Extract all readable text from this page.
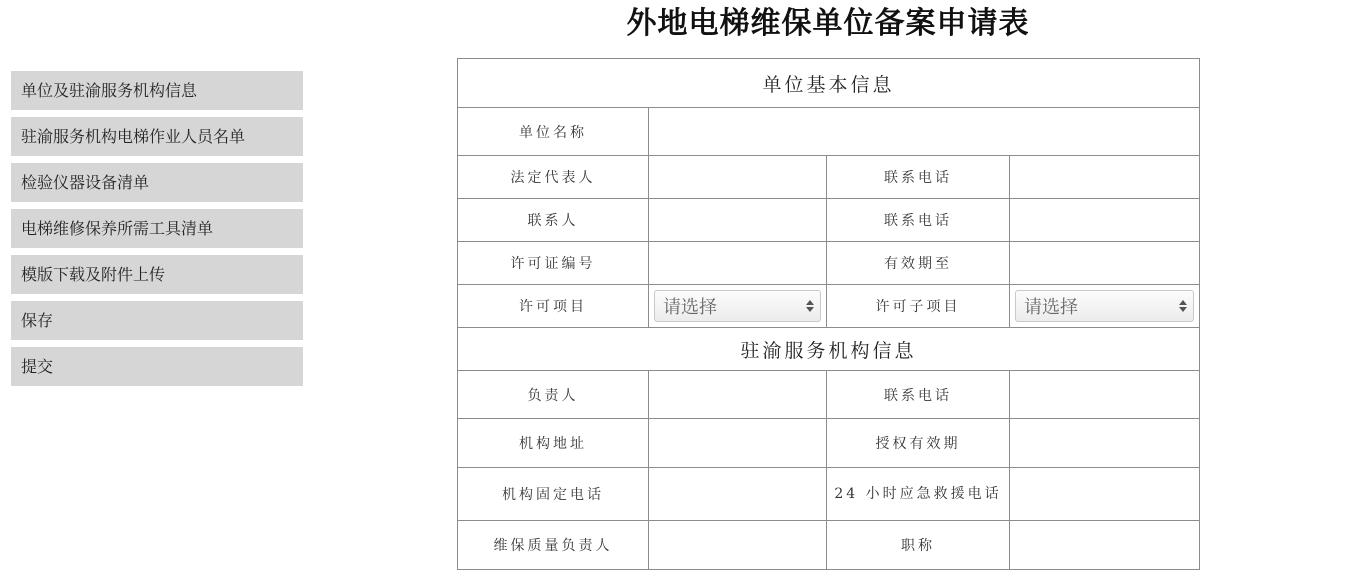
外地电梯维保单位备案申请表
单位及驻渝服务机构信息
驻渝服务机构电梯作业人员名单
检验仪器设备清单
电梯维修保养所需工具清单
模版下载及附件上传
保存
提交
单位基本信息			
单位名称			
法定代表人		联系电话	
联系人		联系电话	
许可证编号		有效期至	
许可项目	请选择	许可子项目	请选择

驻渝服务机构信息			
负责人		联系电话	
机构地址		授权有效期	
机构固定电话		24 小时应急救援电话	
维保质量负责人		职称	
